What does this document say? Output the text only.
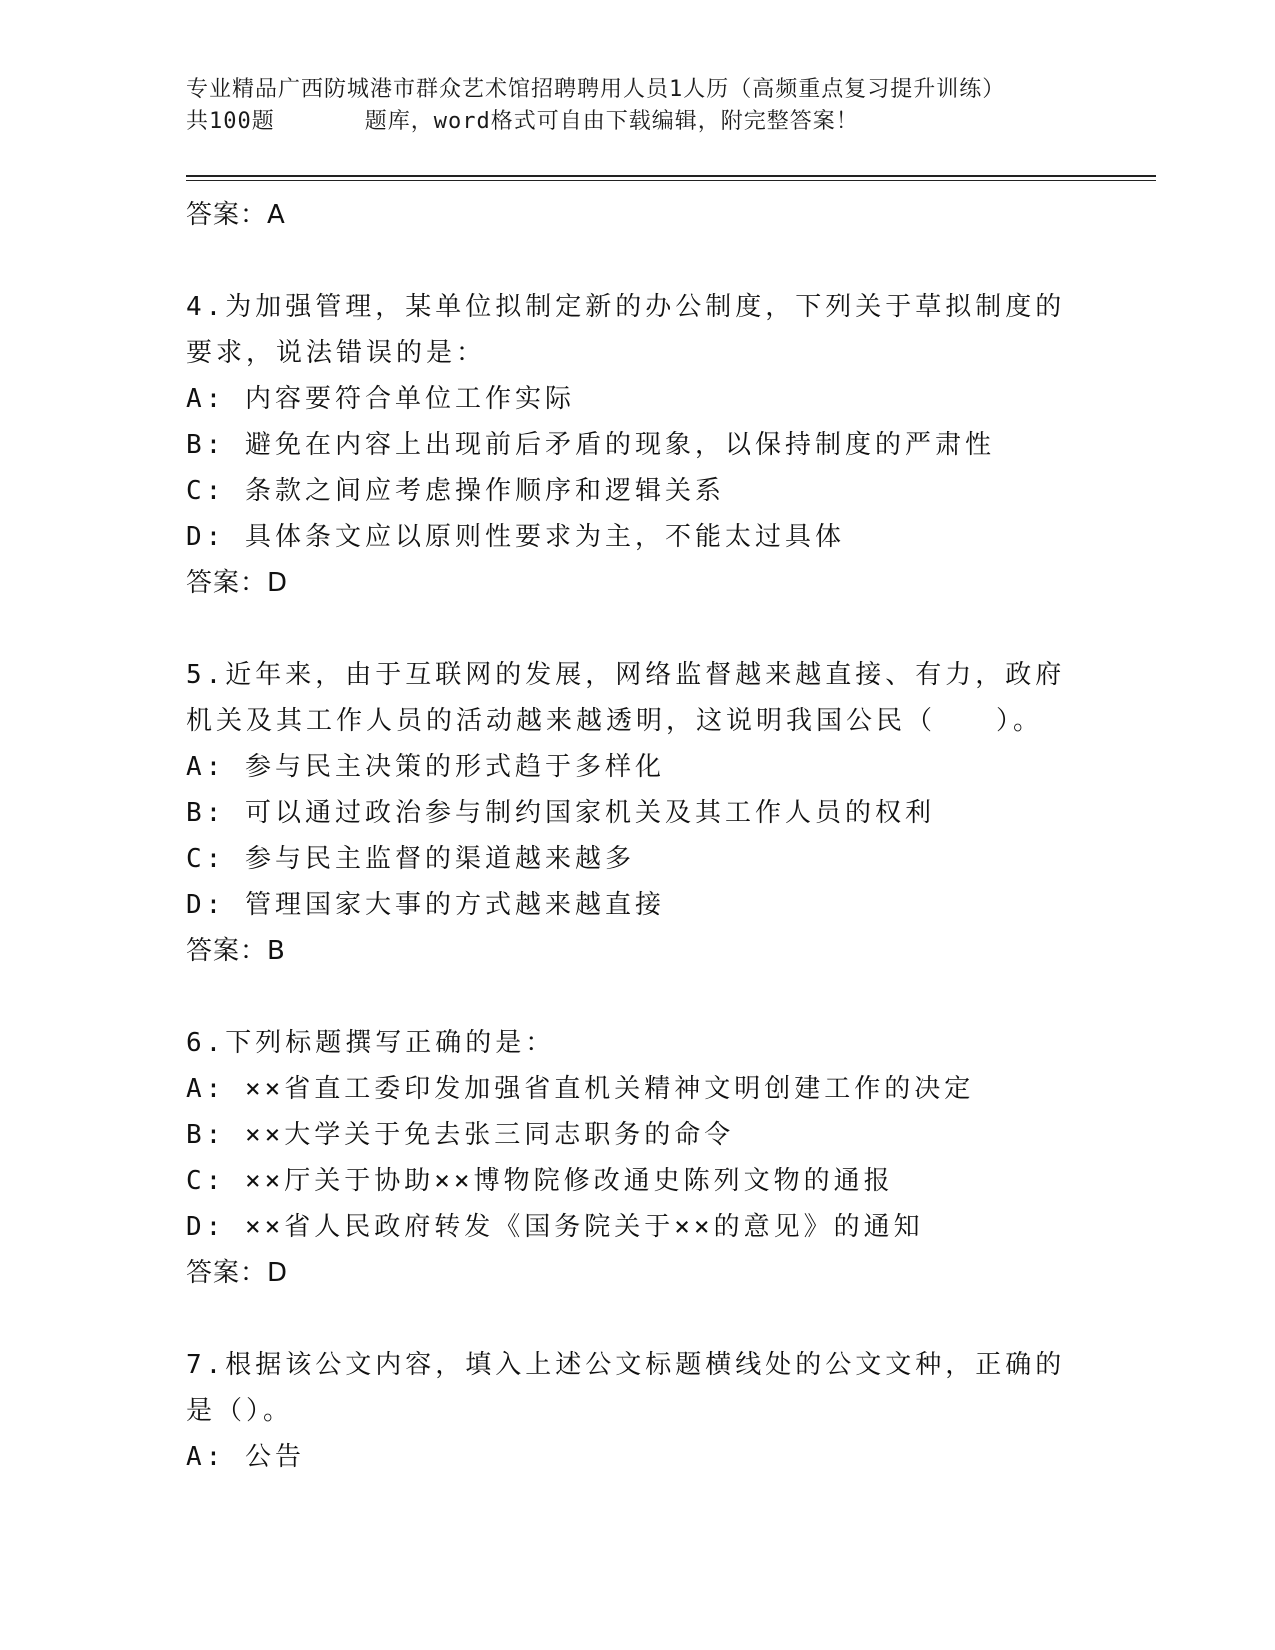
专业精品广西防城港市群众艺术馆招聘聘用人员1人历（高频重点复习提升训练）
共100题	题库，word格式可自由下载编辑，附完整答案！

答案：A

4.为加强管理，某单位拟制定新的办公制度，下列关于草拟制度的要求，说法错误的是：

A: 内容要符合单位工作实际

B: 避免在内容上出现前后矛盾的现象，以保持制度的严肃性

C: 条款之间应考虑操作顺序和逻辑关系

D: 具体条文应以原则性要求为主，不能太过具体

答案：D

5.近年来，由于互联网的发展，网络监督越来越直接、有力，政府机关及其工作人员的活动越来越透明，这说明我国公民（　　）。

A: 参与民主决策的形式趋于多样化

B: 可以通过政治参与制约国家机关及其工作人员的权利

C: 参与民主监督的渠道越来越多

D: 管理国家大事的方式越来越直接

答案：B

6.下列标题撰写正确的是：

A: ××省直工委印发加强省直机关精神文明创建工作的决定

B: ××大学关于免去张三同志职务的命令

C: ××厅关于协助××博物院修改通史陈列文物的通报

D: ××省人民政府转发《国务院关于××的意见》的通知

答案：D

7.根据该公文内容，填入上述公文标题横线处的公文文种，正确的是（）。

A: 公告
